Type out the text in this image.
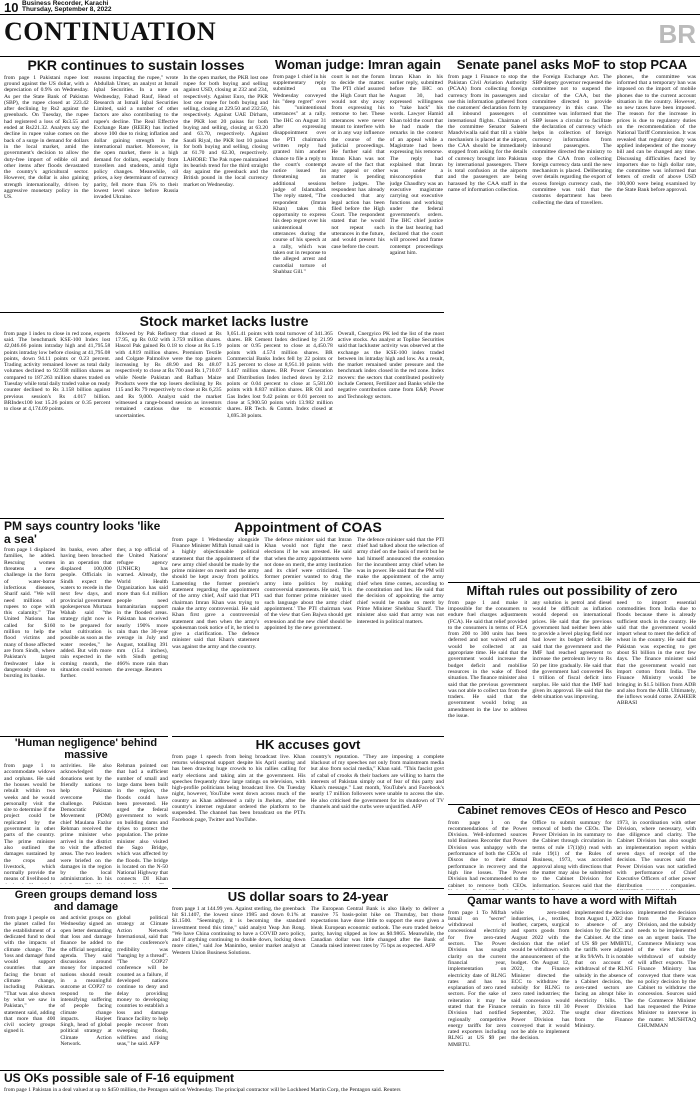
10 Business Recorder, Karachi
Thursday, September 8, 2022
CONTINUATION	BR
PKR continues to sustain losses
from page 1 Pakistani rupee lost ground against the US dollar, with a depreciation of 0.9% on Wednesday. As per the State Bank of Pakistan (SBP), the rupee closed at 223.42 after declining by Rs2 against the greenback. On Tuesday, the rupee had registered a loss of Rs3.55 and ended at Rs221.32. Analysts say the decline in rupee value comes on the back of a surge in demand for dollars in the local market, amid the government's decision to allow the duty-free import of edible oil and other items after floods devastated the country's agricultural sector. However, the dollar is also gaining strength internationally, driven by aggressive monetary policy in the US.
reasons impacting the rupee," wrote Abdullah Umer, an analyst at Ismail Iqbal Securities. In a note on Wednesday, Fahad Rauf, Head of Research at Ismail Iqbal Securities Limited, said a number of other factors are also contributing to the rupee's decline. The Real Effective Exchange Rate (REER) has inched above 100 due to rising inflation and dollar gaining strength in the international market. Moreover, in the open market, there is a high demand for dollars, especially from travellers and students, amid tight policy changes. Meanwhile, oil prices, a key determinant of currency parity, fell more than 5% to their lowest level since before Russia invaded Ukraine.
In the open market, the PKR lost one rupee for both buying and selling against USD, closing at 232 and 234, respectively. Against Euro, the PKR lost one rupee for both buying and selling, closing at 229.50 and 232.50, respectively. Against UAE Dirham, the PKR lost 20 paisas for both buying and selling, closing at 63.20 and 63.70, respectively. Against Saudi Riyal, the PKR lost 10 paisas for both buying and selling, closing at 61.70 and 62.30, respectively. LAHORE: The Pak rupee maintained its bearish trend for the third straight day against the greenback and the British pound in the local currency market on Wednesday.
Woman judge: Imran again
from page 1 chief in his supplementary reply submitted on Wednesday conveyed his "deep regret" over his "unintentional utterances" at a rally. The IHC on August 31 after expressing disappointment over the PTI chairman's written reply had granted him another chance to file a reply to the court's contempt notice issued for threatening an additional sessions judge of Islamabad. The reply stated, "The respondent (Imran Khan) takes this opportunity to express his deep regret over his unintentional utterances during the course of his speech at a rally, which was taken out in response to the alleged arrest and custodial torture of Shahbaz Gill."
court is not the forum to decide the matter. The PTI chief assured the High Court that he would not shy away from expressing his remorse to her. These utterances were never meant to interfere with or in any way influence the course of the judicial proceedings. He further said that Imran Khan was not aware of the fact that any appeal or other matter is pending before judges. The respondent has already conducted that any legal action has been filed before the High Court. The respondent stated that he would not repeat such utterances in the future, and would present his case before the court.
Imran Khan in his earlier reply, submitted before the IHC on August 30, had expressed willingness to "take back" his words. Lawyer Hamid Khan told the court that he had made the remarks in the context of an appeal while a Magistrate had been expressing his remorse. The reply had explained that Imran was under a misconception that judge Chaudhry was an executive magistrate carrying out executive functions and working under the federal government's orders. The IHC chief justice in the last hearing had declared that the court will proceed and frame contempt proceedings against him.
Senate panel asks MoF to stop PCAA
from page 1 Finance to stop the Pakistan Civil Aviation Authority (PCAA) from collecting foreign currency from its passengers and use this information gathered from the customers' declaration form by all inbound passengers of international flights. Chairman of the committee Senator Saleem Mandviwalla said that till a viable mechanism is placed at the airport, the CAA should be immediately stopped from asking for the details of currency brought into Pakistan by international passengers. There is total confusion at the airports and the passengers are being harassed by the CAA staff in the name of information collection.
the Foreign Exchange Act. The SBP deputy governor requested the committee not to suspend the circular of the CAA, but the committee directed to provide transparency in this case. The committee was informed that the SBP issues a circular to facilitate the declaration of currency which helps in collection of foreign currency information from inbound passengers. The committee directed the ministry to stop the CAA from collecting foreign currency data until the new mechanism is placed. Deliberating over details regarding the export of excess foreign currency cash, the committee was told that the customs department has been collecting the data of travellers.
phones, the committee was informed that a temporary ban was imposed on the import of mobile phones due to the current account situation in the country. However, no new taxes have been imposed. The reason for the increase in prices is due to regulatory duties on the recommendation of the National Tariff Commission. It was revealed that regulatory duty was applied independent of the money bill and can be changed any time. Discussing difficulties faced by importers due to high dollar rate, the committee was informed that letters of credit of above USD 100,000 were being examined by the State Bank before approval.
Stock market lacks lustre
from page 1 index to close in red zone, experts said. The benchmark KSE-100 Index lost 42,046.66 points intraday high and 41,795.58 points intraday low before closing at 41,795.08 points, down 94.11 points or 0.23 percent. Trading activity remained lower as total daily volumes declined to 92.938 million shares as compared to 187.263 million shares traded on Tuesday while total daily traded value on ready counter declined to Rs 3.158 billion against previous session's Rs 4.017 billion. BRIndex100 lost 15.26 points or 0.35 percent to close at 4,174.09 points.
followed by Pak Refinery that closed at Rs 17.95, up Rs 0.02 with 3.759 million shares. Hascol Pak gained Rs 0.18 to close at Rs 5.19 with 4.819 million shares. Premium Textile and Colgate Palmolive were the top gainers increasing by Rs 48.90 and Rs 48.07 respectively to close at Rs 700 and Rs 1,710.07 while Nestle Pakistan and Rafhan Maize Products were the top losers declining by Rs 115 and Rs 79 respectively to close at Rs 6,235 and Rs 9,000. Analyst said the market witnessed a range-bound session as investors remained cautious due to economic uncertainties.
9,051.41 points with total turnover of 341.365 shares. BR Cement Index declined by 21.99 points or 0.95 percent to close at 4,450.78 points with 4.574 million shares. BR Commercial Banks Index fell by 22 points or 0.25 percent to close at 8,951.10 points with 6.447 million shares. BR Power Generation and Distribution Index inched down by 2.12 points or 0.04 percent to close at 5,581.00 points with 8.837 million shares. BR Oil and Gas Index lost 9.42 points or 0.01 percent to close at 5,900.50 points with 13.982 million shares. BR Tech. & Comm. Index closed at 3,695.38 points.
Overall, Cnergyico PK led the list of the most active stocks. An analyst at Topline Securities said that lackluster activity was observed at the exchange as the KSE-100 index traded between its intraday high and low. As a result, the market remained under pressure and the benchmark index closed in the red zone. Index movers: the sectors that contributed positively include Cement, Fertilizer and Banks while the negative contribution came from E&P, Power and Technology sectors.
Appointment of COAS
from page 1 Wednesday alongside Finance Minister Miftah Ismail said in a highly objectionable political statement that the appointment of the new army chief should be made by the prime minister on merit and the army should be kept away from politics. Lamenting the former premier's statement regarding the appointment of the army chief, Asif said that PTI chairman Imran Khan was trying to make the army controversial. He said Khan first gave a controversial statement and then when the army's spokesman took notice of it, he tried to give a clarification. The defence minister said that Khan's statement was against the army and the country.
The defence minister said that Imran Khan would not fight the next elections if he was arrested. He said that when the army appointments were not done on merit, the army institution and its chief were criticized. The former premier wanted to drag the army into politics by making controversial statements. He said, 'It is sad that former prime minister used such language about the army chief appointment.' The PTI chairman was of the view that Gen Bajwa should get extension and the new chief should be appointed by the new government.
The defence minister said that the PTI chief had talked about the selection of army chief on the basis of merit but he had himself announced the extension for the incumbent army chief when he was in power. He said that the PM will make the appointment of the army chief when time comes, according to the constitution and law. He said that the decision of appointing the army chief would be made on merit by Prime Minister Shehbaz Sharif. The minister also said that army was not interested in political matters.
Miftah rules out possibility of zero
from page 1 and make it impossible for the consumers to endure fuel charges adjustments (FCA). He said that relief provided to the consumers in terms of FCA from 200 to 300 units has been deferred and not waived off and would be collected at an appropriate time. He said that the government would increase the budget deficit and mobilise resources in the wake of flood situation. The finance minister also said that the previous government was not able to collect tax from the traders. He said that the government would bring an amendment in the law to address the issue.
any solution is petrol and diesel would be difficult as inflation would depend on international prices. He said that the previous government had neither been able to provide a level playing field nor had lower its budget deficit. He said that the government and the IMF had reached agreement to increase the petroleum levy to Rs 50 per litre gradually. He said that the government had converted Rs 1 trillion of fiscal deficit into surplus. He said that the IMF had given its approval. He said that the debt situation was improving.
need to import essential commodities from India due to floods because there is already sufficient stock in the country. He said that the government would import wheat to meet the deficit of wheat in the country. He said that Pakistan was expecting to get about $1 billion in the next few days. The finance minister said that the government would not import cotton from India. The Finance Ministry would be bringing in $1.5 billion from ADB and also from the AIIB. Ultimately, the inflows would come. ZAHEER ABBASI
PM says country looks 'like a sea'
from page 1 displaced families, he added. Rescuing women threatens a new challenge in the form of water-borne infectious diseases, Sharif said. "We will need millions of rupees to cope with this calamity." The United Nations has called for $160 million to help the flood victims and many of those affected are from Sindh, where Pakistan's largest freshwater lake is dangerously close to bursting its banks.
its banks, even after having been breached in an operation that displaced 100,000 people. Officials in Sindh expect the waters to recede in the next few days, and provincial government spokesperson Murtaza Wahab said "the strategy right now is to be prepared for what cultivation is possible as soon as the water recedes," he added. But with more rain expected in the coming month, the situation could worsen further.
ther, a top official of the United Nations' refugee agency (UNHCR) has warned. Already, the World Health Organization has said more than 6.4 million people need humanitarian support in the flooded areas. Pakistan has received nearly 190% more rain than the 30-year average in July and August, totalling 391 mm (15.4 inches), with Sindh getting 466% more rain than the average. Reuters
HK accuses govt
from page 1 speech from being broadcast live. Khan returns widespread support despite his April ousting and has been drawing huge crowds to his rallies calling for early elections and taking aim at the government. His speeches frequently draw large ratings on television, with high-profile politicians being broadcast live. On Tuesday night, however, YouTube went down across much of the country as Khan addressed a rally in Jhelum, after the country's internet regulator ordered the platform to be suspended. The channel has been broadcast on the PTI's Facebook page, Twitter and YouTube.
country's reputation. "They are imposing a complete blackout of my speeches not only from mainstream media but also from social media," Khan said. "This fascist govt of cabal of crooks & their backers are willing to harm the interests of Pakistan simply out of fear of this party and Khan's message." Last month, YouTube's and Facebook's nearly 17 million followers were unable to access the site. He also criticised the government for its shutdown of TV channels and said the curbs were unjustified. AFP
'Human negligence' behind massive
from page 1 to accommodate widows and orphans. He said the houses would be rebuilt within two weeks and he would personally visit the site to determine if the project could be replicated by the government in other parts of the country. The prime minister also outlined the damages sustained by the crops and livestock, which normally provide the means of livelihood to
activities. He also acknowledged the donations sent by the friendly nations to help Pakistan overcome the challenge. Pakistan Democratic Movement (PDM) chief Maulana Fazlur Rehman received the prime minister who arrived in the district to visit the affected areas. The two leaders were briefed on the damages in the region by the local administration. In his
Rehman pointed out that had a sufficient number of small and large dams been built in the region, the floods could have been prevented. He urged the federal government to work on building dams and dykes to protect the population. The prime minister also visited the Sago Bridge, which was affected by the floods. The bridge is located on the N-50 National Highway that connects DI Khan
Cabinet removes CEOs of Hesco and Pesco
from page 1 on the recommendations of the Power Division. Well-informed sources told Business Recorder that Power Division was unhappy with the performance of both the CEOs of Discos due to their dismal performance in recovery and the high line losses. The Power Division had recommended to the cabinet to remove both CEOs.
Office to submit summary for removal of both the CEOs. The Power Division in its summary to the Cabinet through circulation in terms of rule 17(1)(b) read with rule 19(1) of the Rules of Business, 1973, was accorded approval along with directions that the matter may also be submitted to the Cabinet Division for information. Sources said that the
1973, in coordination with other Division, where necessary, with due diligence and clarity. The Cabinet Division has also sought an implementation report within seven days of receipt of the decision. The sources said the Power Division was not satisfied with performance of Chief Executive Officers of other power distribution companies.
Green groups demand loss and damage
from page 1 people on the planet called for the establishment of a dedicated fund to deal with the impacts of climate change. The 'loss and damage' fund would support countries that are facing the brunt of climate change, including Pakistan. "That was also shown by what we saw in Pakistan," the statement said, adding that more than 400 civil society groups signed it.
and activist groups on Wednesday signed an open letter demanding that loss and damage finance be added to the official negotiating agenda. They said discussions around money for impacted nations should result in a meaningful outcome at COP27 to respond to the intensifying suffering of people facing climate change impacts. Harjeet Singh, head of global political strategy at Climate Action Network.
global political strategy at Climate Action Network International, said that the conference's credibility was "hanging by a thread". "The COP27 conference will be counted as a failure, if developed nations continue to deny and delay providing money to developing countries to establish a loss and damage finance facility to help people recover from sweeping floods, wildfires and rising seas," he said. AFP
US dollar soars to 24-year
from page 1 at 144.99 yen. Against sterling, the greenback hit $1.1407, the lowest since 1985 and down 0.1% at $1.1500. "Seemingly, it is becoming the standard investment trend this time," said analyst Yeap Jun Rong. "We have China continuing to have a COVID zero policy, and if anything continuing to double down, locking down more cities," said Joe Manimbo, senior market analyst at Western Union Business Solutions.
The European Central Bank is also likely to deliver a massive 75 basis-point hike on Thursday, but those expectations have done little to support the euro given a bleak European economic outlook. The euro traded below parity, having slipped as low as $0.9865. Meanwhile, the Canadian dollar was little changed after the Bank of Canada raised interest rates by 75 bps as expected. AFP
Qamar wants to have a word with Miftah
from page 1 To Miftah Ismail on "secret" withdrawal of concessional electricity for five zero-rated sectors. The Power Division has sought clarity on the current financial year, implementation on electricity date of RLNG rates and has no explanation of zero rated sectors. For the sake of reiteration it may be stated that the Finance Division had notified regionally competitive energy tariffs for zero rated exporters including RLNG at US $9 per MMBTU.
while zero-rated industries, i.e., textiles, leather, carpets, surgical and sports goods from August 2022 with the decision that the relief would be withdrawn with the announcement of the budget. On August 12, 2022, the Finance Minister directed the ECC to withdraw the subsidy for RLNG to zero rated industries; the said concession would remain in force till 30 September, 2022. The Power Division has conveyed that it would not be able to implement the decision.
implemented the decision from August 1, 2022 due to absence of any decision by the ECC and the Cabinet. At the time of US $9 per MMBTU, the tariffs were adjusted at Rs 9/kWh. It is notable that on account of withdrawal of the RLNG subsidy in the absence of a Cabinet decision, the zero-rated sectors are facing an abrupt hike in electricity bills. The Power Division had sought clear directions from the Finance Ministry.
implemented the decision from the Finance Division, and the subsidy needs to be implemented on an urgent basis. The Commerce Ministry was of the view that the withdrawal of subsidy will affect exports. The Finance Ministry has conveyed that there was no policy decision by the Cabinet to withdraw the concession. Sources said the Commerce Minister has requested the Prime Minister to intervene in the matter. MUSHTAQ GHUMMAN
US OKs possible sale of F-16 equipment
from page 1 Pakistan in a deal valued at up to $450 million, the Pentagon said on Wednesday. The principal contractor will be Lockheed Martin Corp, the Pentagon said. Reuters
